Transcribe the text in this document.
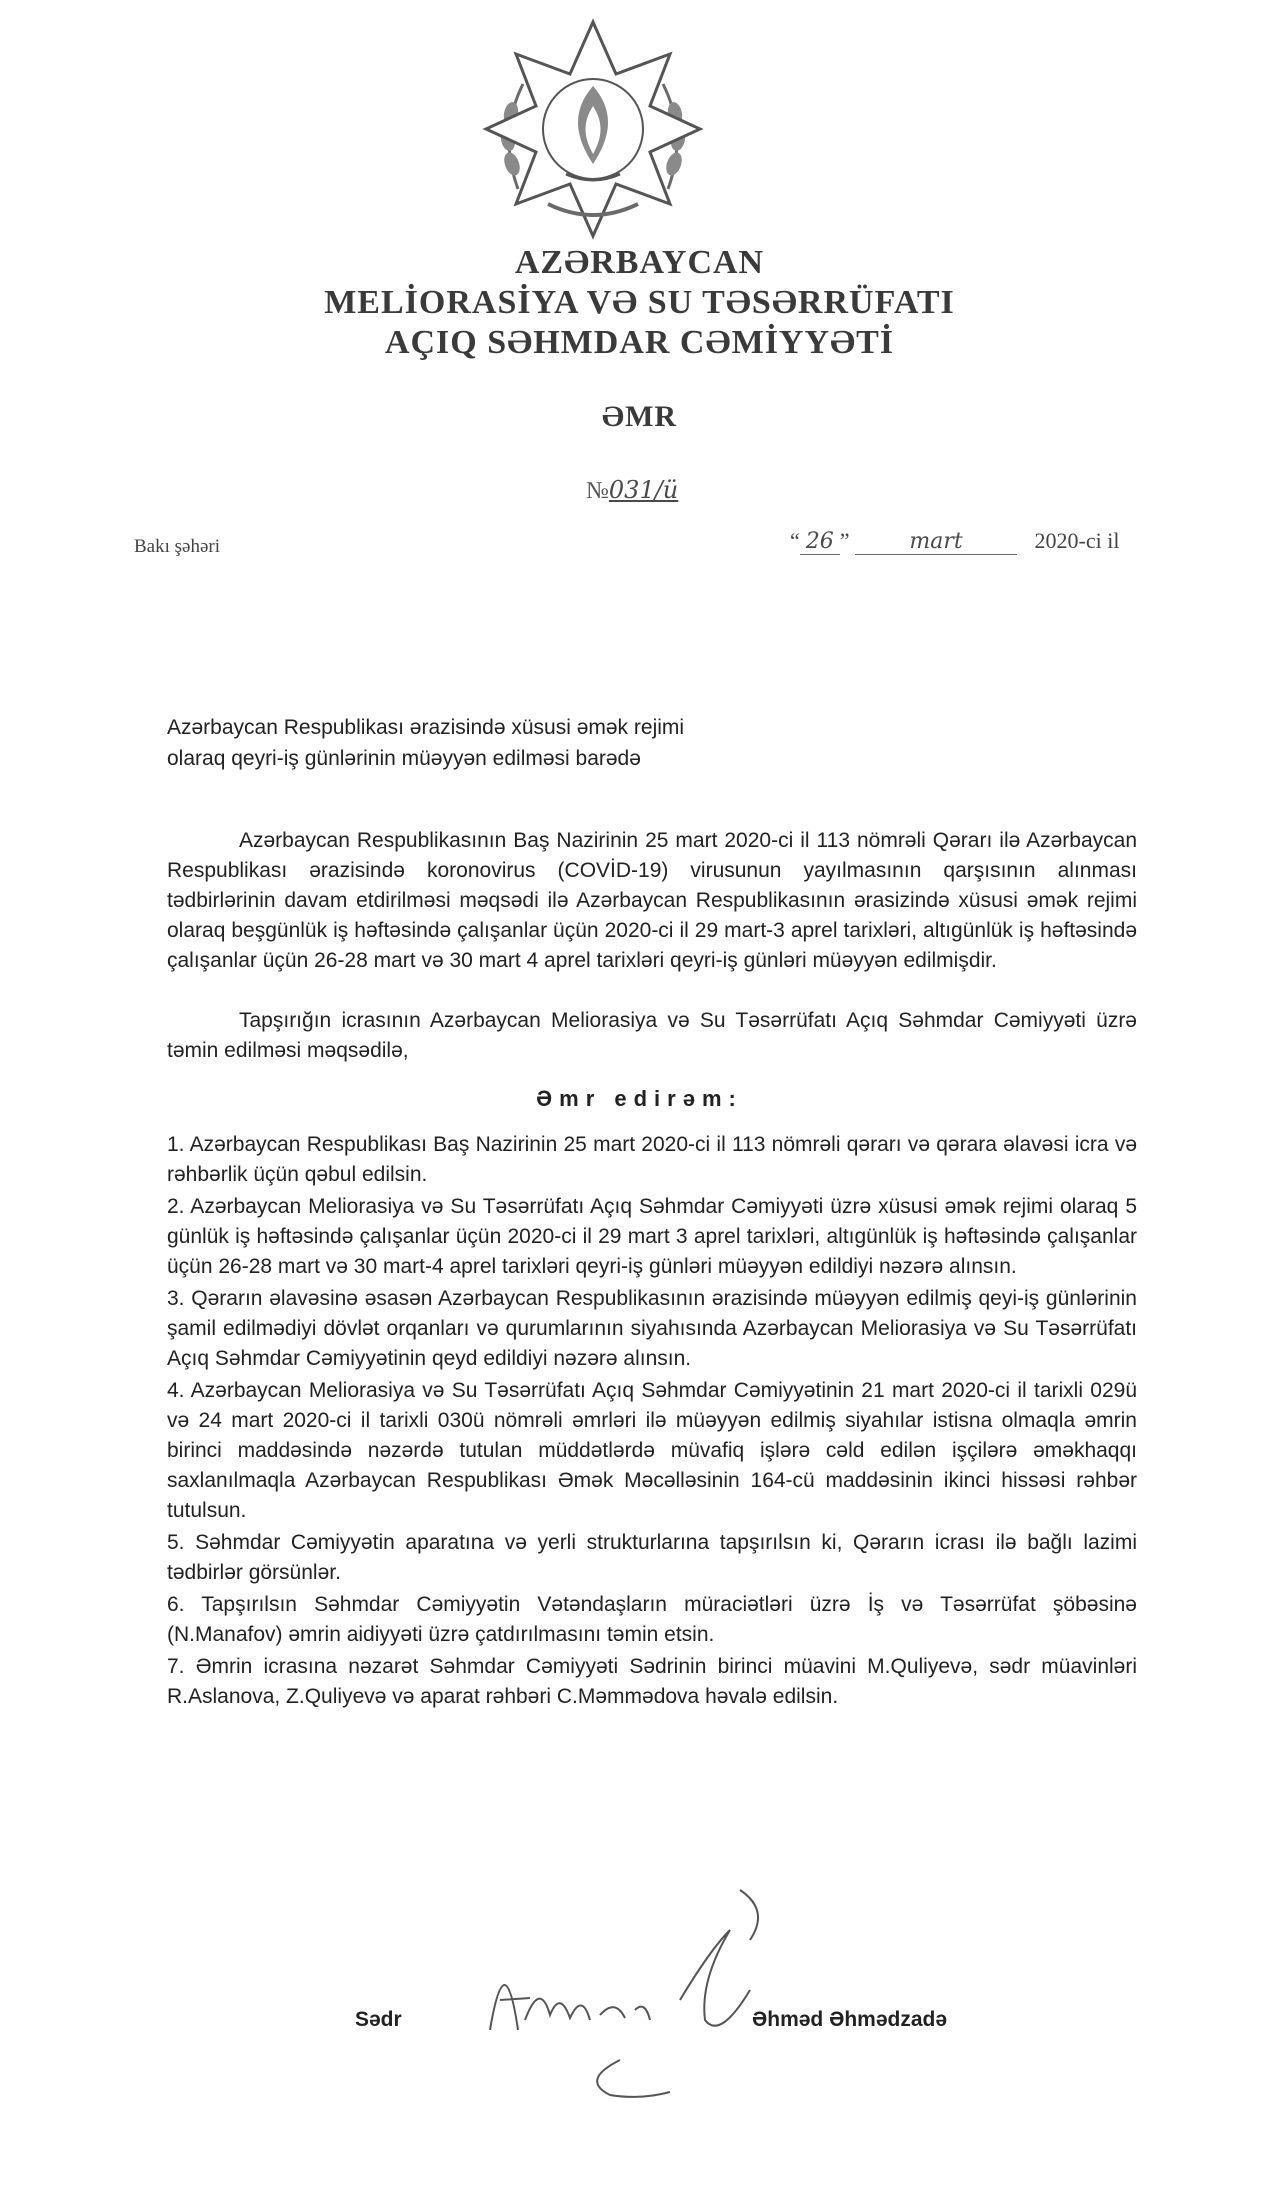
AZƏRBAYCAN
MELİORASİYA VƏ SU TƏSƏRRÜFATI
AÇIQ SƏHMDAR CƏMİYYƏTİ
ƏMR
№031/ü
Bakı şəhəri	“ 26 ” mart	2020-ci il
Azərbaycan Respublikası ərazisində xüsusi əmək rejimi
olaraq qeyri-iş günlərinin müəyyən edilməsi barədə

Azərbaycan Respublikasının Baş Nazirinin 25 mart 2020-ci il 113 nömrəli Qərarı ilə Azərbaycan Respublikası ərazisində koronovirus (COVİD-19) virusunun yayılmasının qarşısının alınması tədbirlərinin davam etdirilməsi məqsədi ilə Azərbaycan Respublikasının ərasizində xüsusi əmək rejimi olaraq beşgünlük iş həftəsində çalışanlar üçün 2020-ci il 29 mart-3 aprel tarixləri, altıgünlük iş həftəsində çalışanlar üçün 26-28 mart və 30 mart 4 aprel tarixləri qeyri-iş günləri müəyyən edilmişdir.

Tapşırığın icrasının Azərbaycan Meliorasiya və Su Təsərrüfatı Açıq Səhmdar Cəmiyyəti üzrə təmin edilməsi məqsədilə,

Əmr edirəm:

1. Azərbaycan Respublikası Baş Nazirinin 25 mart 2020-ci il 113 nömrəli qərarı və qərara əlavəsi icra və rəhbərlik üçün qəbul edilsin.

2. Azərbaycan Meliorasiya və Su Təsərrüfatı Açıq Səhmdar Cəmiyyəti üzrə xüsusi əmək rejimi olaraq 5 günlük iş həftəsində çalışanlar üçün 2020-ci il 29 mart 3 aprel tarixləri, altıgünlük iş həftəsində çalışanlar üçün 26-28 mart və 30 mart-4 aprel tarixləri qeyri-iş günləri müəyyən edildiyi nəzərə alınsın.

3. Qərarın əlavəsinə əsasən Azərbaycan Respublikasının ərazisində müəyyən edilmiş qeyi-iş günlərinin şamil edilmədiyi dövlət orqanları və qurumlarının siyahısında Azərbaycan Meliorasiya və Su Təsərrüfatı Açıq Səhmdar Cəmiyyətinin qeyd edildiyi nəzərə alınsın.

4. Azərbaycan Meliorasiya və Su Təsərrüfatı Açıq Səhmdar Cəmiyyətinin 21 mart 2020-ci il tarixli 029ü və 24 mart 2020-ci il tarixli 030ü nömrəli əmrləri ilə müəyyən edilmiş siyahılar istisna olmaqla əmrin birinci maddəsində nəzərdə tutulan müddətlərdə müvafiq işlərə cəld edilən işçilərə əməkhaqqı saxlanılmaqla Azərbaycan Respublikası Əmək Məcəlləsinin 164-cü maddəsinin ikinci hissəsi rəhbər tutulsun.

5. Səhmdar Cəmiyyətin aparatına və yerli strukturlarına tapşırılsın ki, Qərarın icrası ilə bağlı lazimi tədbirlər görsünlər.

6. Tapşırılsın Səhmdar Cəmiyyətin Vətəndaşların müraciətləri üzrə İş və Təsərrüfat şöbəsinə (N.Manafov) əmrin aidiyyəti üzrə çatdırılmasını təmin etsin.

7. Əmrin icrasına nəzarət Səhmdar Cəmiyyəti Sədrinin birinci müavini M.Quliyevə, sədr müavinləri R.Aslanova, Z.Quliyevə və aparat rəhbəri C.Məmmədova həvalə edilsin.

Sədr	Əhməd Əhmədzadə
